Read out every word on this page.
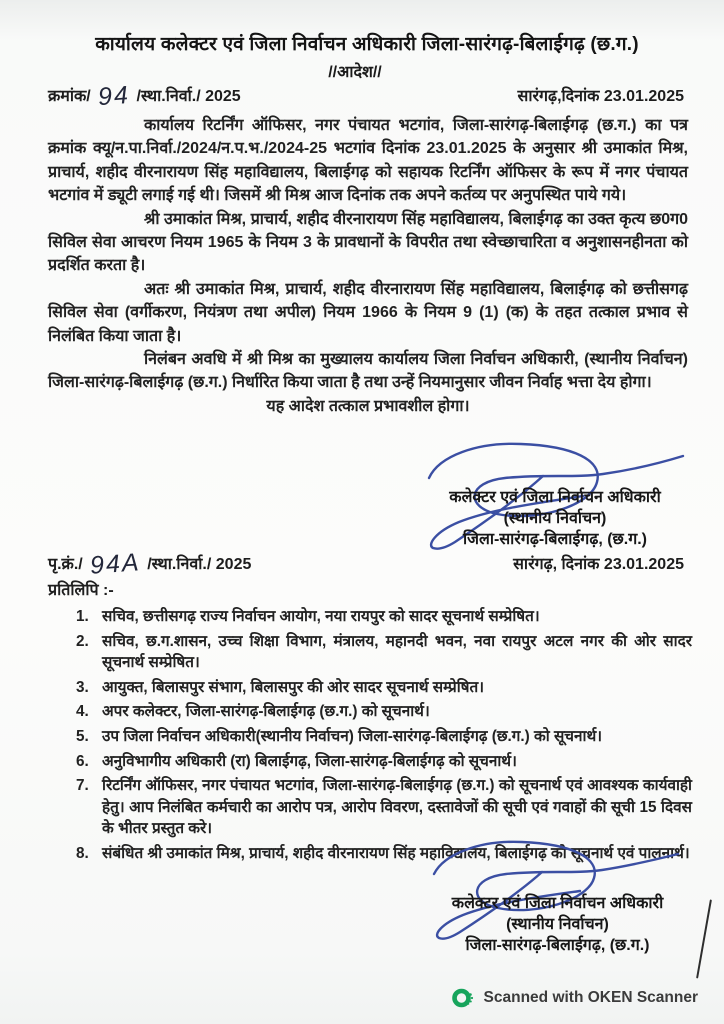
कार्यालय कलेक्टर एवं जिला निर्वाचन अधिकारी जिला-सारंगढ़-बिलाईगढ़ (छ.ग.)
//आदेश//
क्रमांक/ 94 /स्था.निर्वा./ 2025	सारंगढ़,दिनांक 23.01.2025

कार्यालय रिटर्निंग ऑफिसर, नगर पंचायत भटगांव, जिला-सारंगढ़-बिलाईगढ़ (छ.ग.) का पत्र क्रमांक क्यू/न.पा.निर्वा./2024/न.प.भ./2024-25 भटगांव दिनांक 23.01.2025 के अनुसार श्री उमाकांत मिश्र, प्राचार्य, शहीद वीरनारायण सिंह महाविद्यालय, बिलाईगढ़ को सहायक रिटर्निंग ऑफिसर के रूप में नगर पंचायत भटगांव में ड्यूटी लगाई गई थी। जिसमें श्री मिश्र आज दिनांक तक अपने कर्तव्य पर अनुपस्थित पाये गये।

श्री उमाकांत मिश्र, प्राचार्य, शहीद वीरनारायण सिंह महाविद्यालय, बिलाईगढ़ का उक्त कृत्य छ0ग0 सिविल सेवा आचरण नियम 1965 के नियम 3 के प्रावधानों के विपरीत तथा स्वेच्छाचारिता व अनुशासनहीनता को प्रदर्शित करता है।

अतः श्री उमाकांत मिश्र, प्राचार्य, शहीद वीरनारायण सिंह महाविद्यालय, बिलाईगढ़ को छत्तीसगढ़ सिविल सेवा (वर्गीकरण, नियंत्रण तथा अपील) नियम 1966 के नियम 9 (1) (क) के तहत तत्काल प्रभाव से निलंबित किया जाता है।

निलंबन अवधि में श्री मिश्र का मुख्यालय कार्यालय जिला निर्वाचन अधिकारी, (स्थानीय निर्वाचन) जिला-सारंगढ़-बिलाईगढ़ (छ.ग.) निर्धारित किया जाता है तथा उन्हें नियमानुसार जीवन निर्वाह भत्ता देय होगा।

यह आदेश तत्काल प्रभावशील होगा।

कलेक्टर एवं जिला निर्वाचन अधिकारी
(स्थानीय निर्वाचन)
जिला-सारंगढ़-बिलाईगढ़, (छ.ग.)
पृ.क्रं./ 94A /स्था.निर्वा./ 2025	सारंगढ़, दिनांक 23.01.2025
प्रतिलिपि :-
1. सचिव, छत्तीसगढ़ राज्य निर्वाचन आयोग, नया रायपुर को सादर सूचनार्थ सम्प्रेषित।
2. सचिव, छ.ग.शासन, उच्च शिक्षा विभाग, मंत्रालय, महानदी भवन, नवा रायपुर अटल नगर की ओर सादर सूचनार्थ सम्प्रेषित।
3. आयुक्त, बिलासपुर संभाग, बिलासपुर की ओर सादर सूचनार्थ सम्प्रेषित।
4. अपर कलेक्टर, जिला-सारंगढ़-बिलाईगढ़ (छ.ग.) को सूचनार्थ।
5. उप जिला निर्वाचन अधिकारी(स्थानीय निर्वाचन) जिला-सारंगढ़-बिलाईगढ़ (छ.ग.) को सूचनार्थ।
6. अनुविभागीय अधिकारी (रा) बिलाईगढ़, जिला-सारंगढ़-बिलाईगढ़ को सूचनार्थ।
7. रिटर्निंग ऑफिसर, नगर पंचायत भटगांव, जिला-सारंगढ़-बिलाईगढ़ (छ.ग.) को सूचनार्थ एवं आवश्यक कार्यवाही हेतु। आप निलंबित कर्मचारी का आरोप पत्र, आरोप विवरण, दस्तावेजों की सूची एवं गवाहों की सूची 15 दिवस के भीतर प्रस्तुत करे।
8. संबंधित श्री उमाकांत मिश्र, प्राचार्य, शहीद वीरनारायण सिंह महाविद्यालय, बिलाईगढ़ को सूचनार्थ एवं पालनार्थ।
कलेक्टर एवं जिला निर्वाचन अधिकारी
(स्थानीय निर्वाचन)
जिला-सारंगढ़-बिलाईगढ़, (छ.ग.)
Scanned with OKEN Scanner
